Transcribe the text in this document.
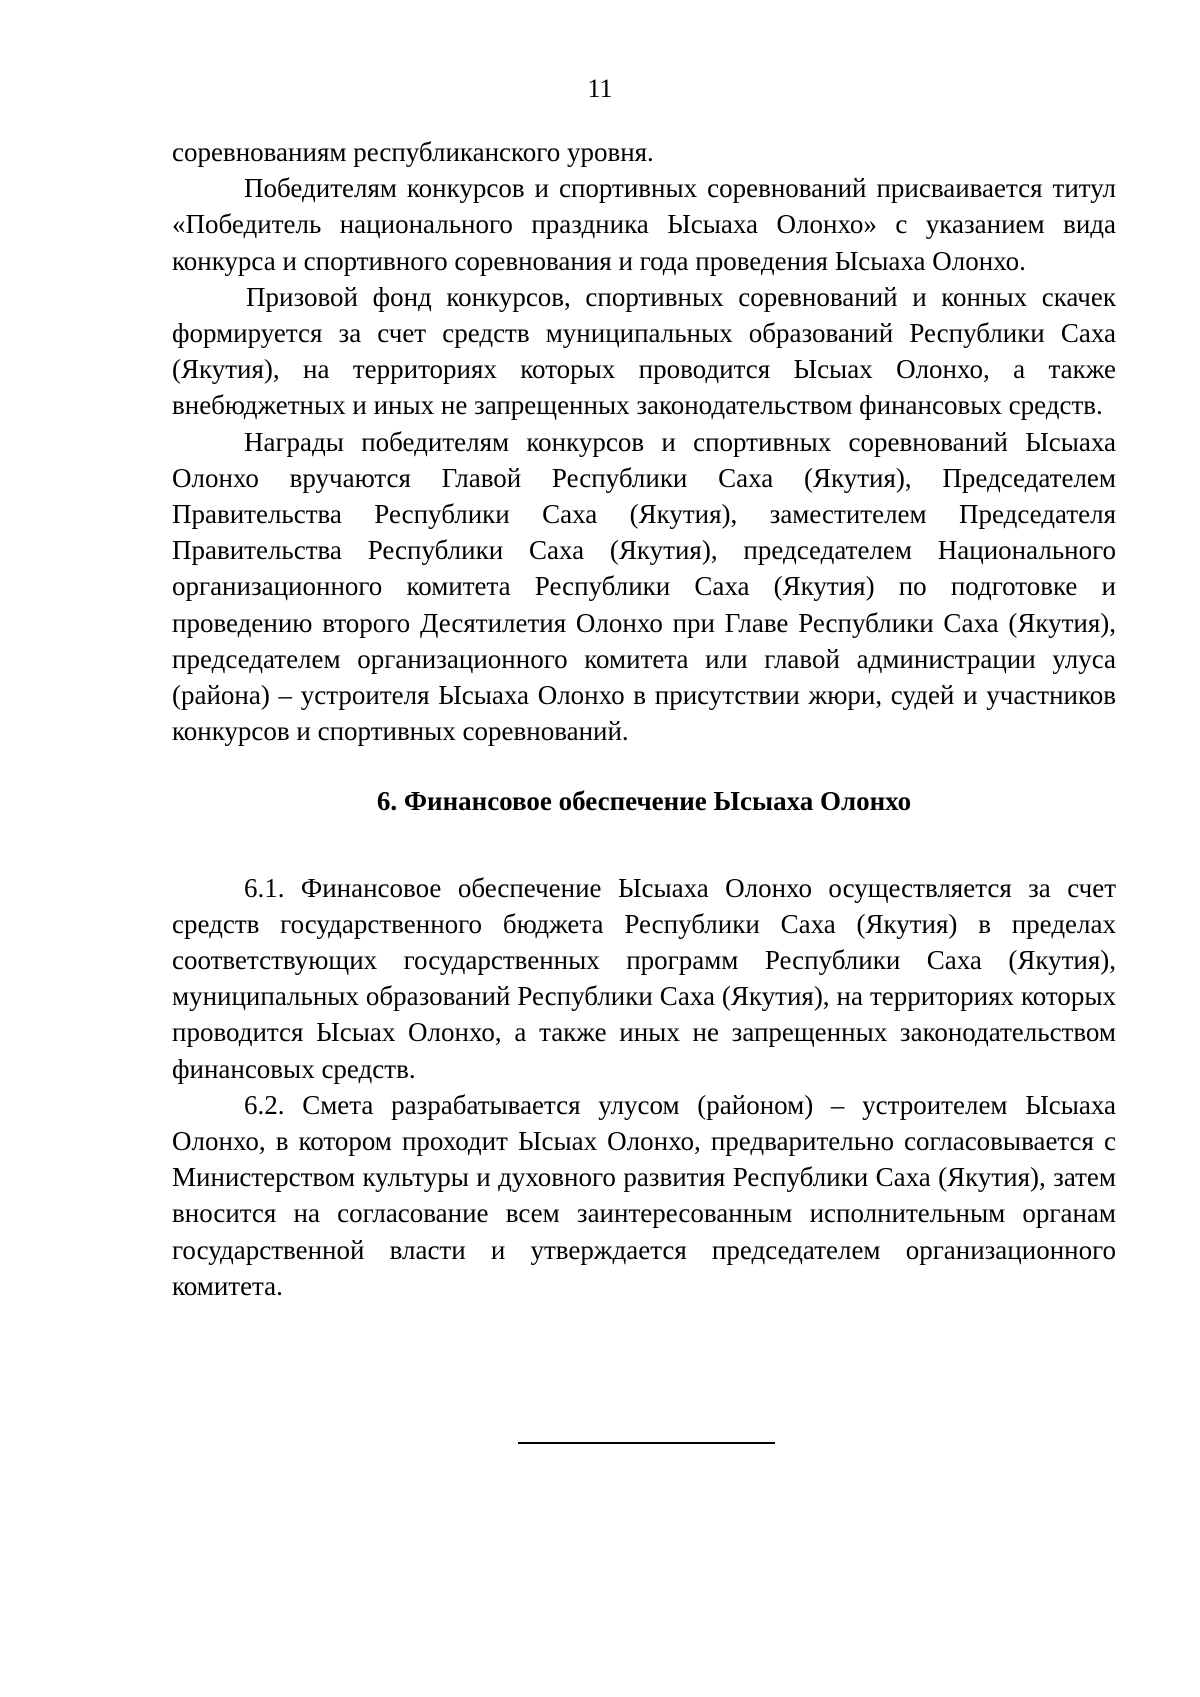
11

соревнованиям республиканского уровня.

Победителям конкурсов и спортивных соревнований присваивается титул «Победитель национального праздника Ысыаха Олонхо» с указанием вида конкурса и спортивного соревнования и года проведения Ысыаха Олонхо.

Призовой фонд конкурсов, спортивных соревнований и конных скачек формируется за счет средств муниципальных образований Республики Саха (Якутия), на территориях которых проводится Ысыах Олонхо, а также внебюджетных и иных не запрещенных законодательством финансовых средств.

Награды победителям конкурсов и спортивных соревнований Ысыаха Олонхо вручаются Главой Республики Саха (Якутия), Председателем Правительства Республики Саха (Якутия), заместителем Председателя Правительства Республики Саха (Якутия), председателем Национального организационного комитета Республики Саха (Якутия) по подготовке и проведению второго Десятилетия Олонхо при Главе Республики Саха (Якутия), председателем организационного комитета или главой администрации улуса (района) – устроителя Ысыаха Олонхо в присутствии жюри, судей и участников конкурсов и спортивных соревнований.

6. Финансовое обеспечение Ысыаха Олонхо

6.1. Финансовое обеспечение Ысыаха Олонхо осуществляется за счет средств государственного бюджета Республики Саха (Якутия) в пределах соответствующих государственных программ Республики Саха (Якутия), муниципальных образований Республики Саха (Якутия), на территориях которых проводится Ысыах Олонхо, а также иных не запрещенных законодательством финансовых средств.

6.2. Смета разрабатывается улусом (районом) – устроителем Ысыаха Олонхо, в котором проходит Ысыах Олонхо, предварительно согласовывается с Министерством культуры и духовного развития Республики Саха (Якутия), затем вносится на согласование всем заинтересованным исполнительным органам государственной власти и утверждается председателем организационного комитета.
